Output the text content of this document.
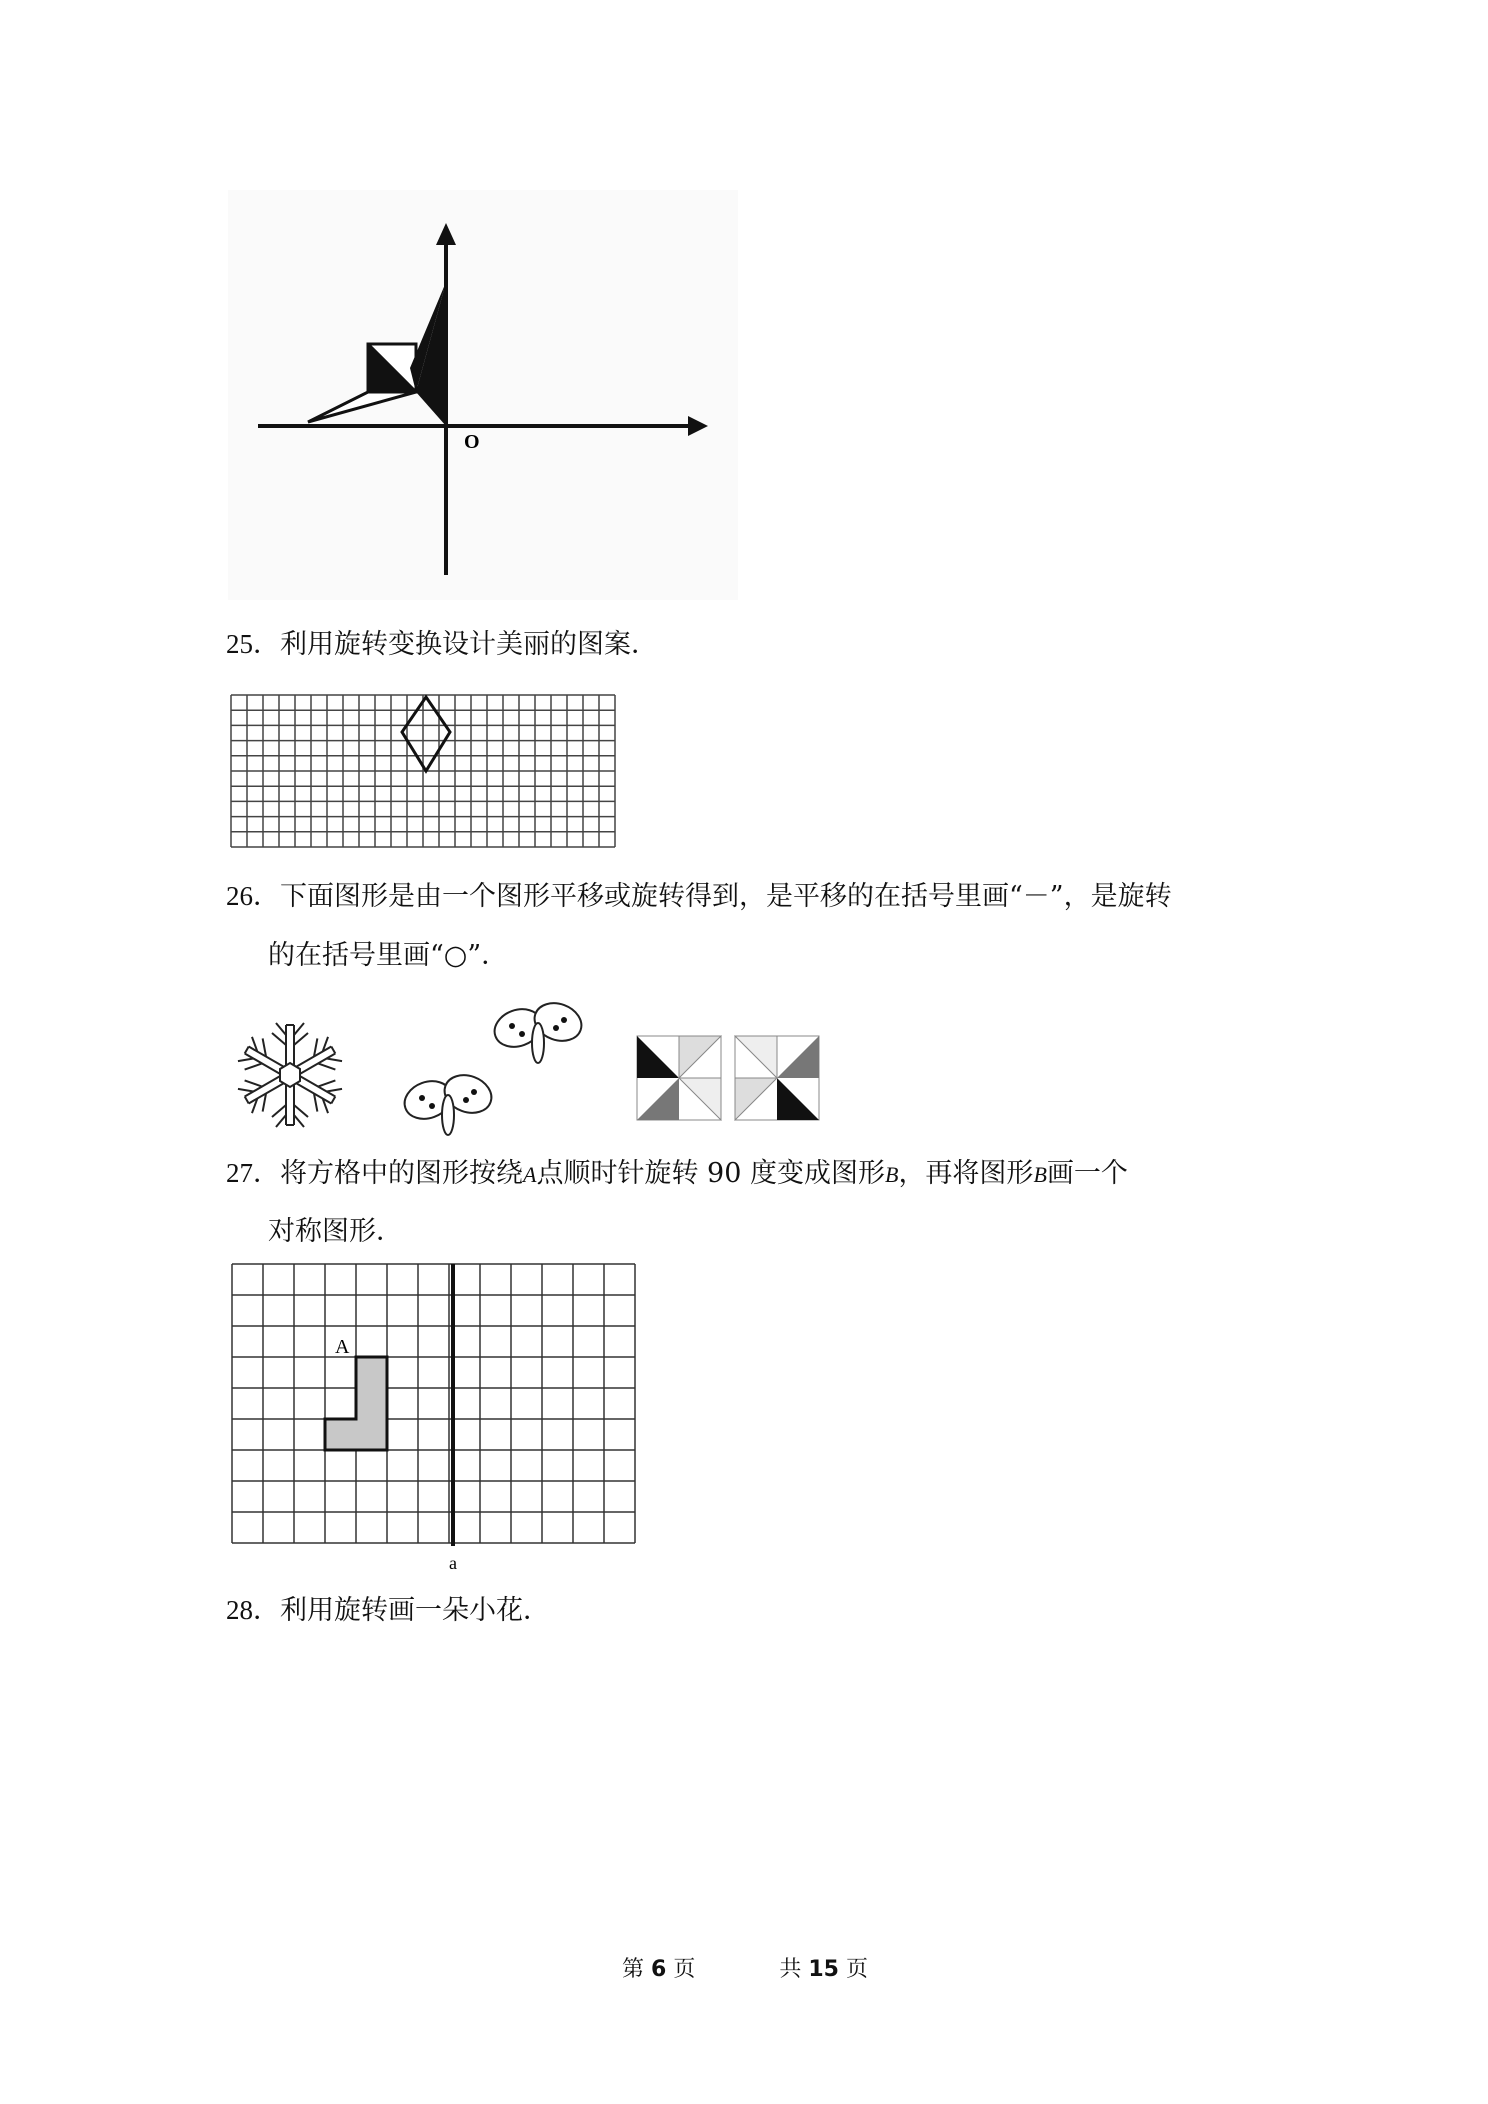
O
25．利用旋转变换设计美丽的图案．
26．下面图形是由一个图形平移或旋转得到，是平移的在括号里画“－”，是旋转
的在括号里画“○”．
27．将方格中的图形按绕A点顺时针旋转 90 度变成图形B，再将图形B画一个
对称图形．
A
a
28．利用旋转画一朵小花．
第 6 页	共 15 页
